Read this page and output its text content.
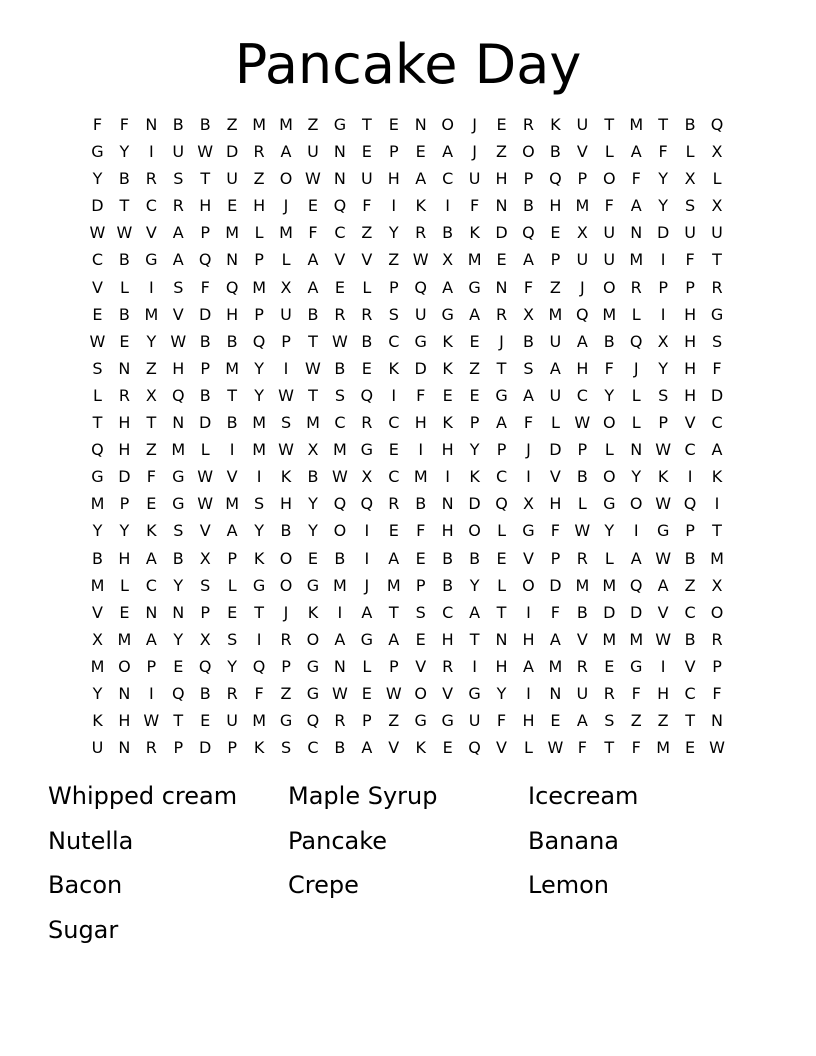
Pancake Day
F	F	N B B Z M M Z G T	E N O	J	E	R	K U	T M T	B Q
G Y	I	U W D R A U N E	P	E	A	J	Z O B V	L	A	F	L	X
Y	B R	S	T	U Z O W N U H A C U H	P Q P O	F	Y	X	L
D T	C R H E H	J	E Q	F	I	K	I	F	N B H M F	A	Y	S	X
W W V A	P M L M F	C Z	Y	R B	K D Q E	X U N D U U
C B G A Q N	P	L	A V V Z W X M E	A	P	U U M	I	F	T
V	L	I	S	F	Q M X A	E	L	P Q A G N	F	Z	J	O R	P	P	R
E	B M V D H	P	U B R R	S	U G A R X M Q M L	I	H G
W E	Y W B B Q P	T W B C G K	E	J	B U A B Q X H S
S N Z H	P M Y	I	W B	E	K D K	Z	T	S	A H	F	J	Y	H	F
L	R X Q B	T	Y W T	S Q	I	F	E	E G A U C	Y	L	S H D
T	H	T	N D B M S M C R C H K	P	A	F	L W O	L	P	V C
Q H Z M L	I	M W X M G E	I	H	Y	P	J	D P	L	N W C A
G D	F	G W V	I	K	B W X C M	I	K	C	I	V B O Y	K	I	K
M P	E G W M S H	Y Q Q R B N D Q X H	L	G O W Q	I
Y	Y	K	S	V A	Y	B	Y O	I	E	F	H O	L	G	F W Y	I	G P	T
B H A B X	P	K O E	B	I	A	E	B B	E	V	P	R	L	A W B M
M L	C	Y	S	L	G O G M	J	M P	B	Y	L	O D M M Q A Z X
V	E N N	P	E	T	J	K	I	A	T	S	C A	T	I	F	B D D V C O
X M A	Y	X	S	I	R O A G A	E H	T	N H A V M M W B R
M O P	E Q Y Q P G N	L	P	V R	I	H A M R	E G	I	V	P
Y	N	I	Q B R	F	Z G W E W O V G Y	I	N U R	F	H C	F
K H W T	E	U M G Q R	P	Z G G U	F	H E	A	S	Z Z	T	N
U N R	P D P	K	S	C B A V	K	E Q V	L W F	T	F M E W
Whipped cream	Maple Syrup	Icecream
Nutella	Pancake	Banana
Bacon	Crepe	Lemon
Sugar
